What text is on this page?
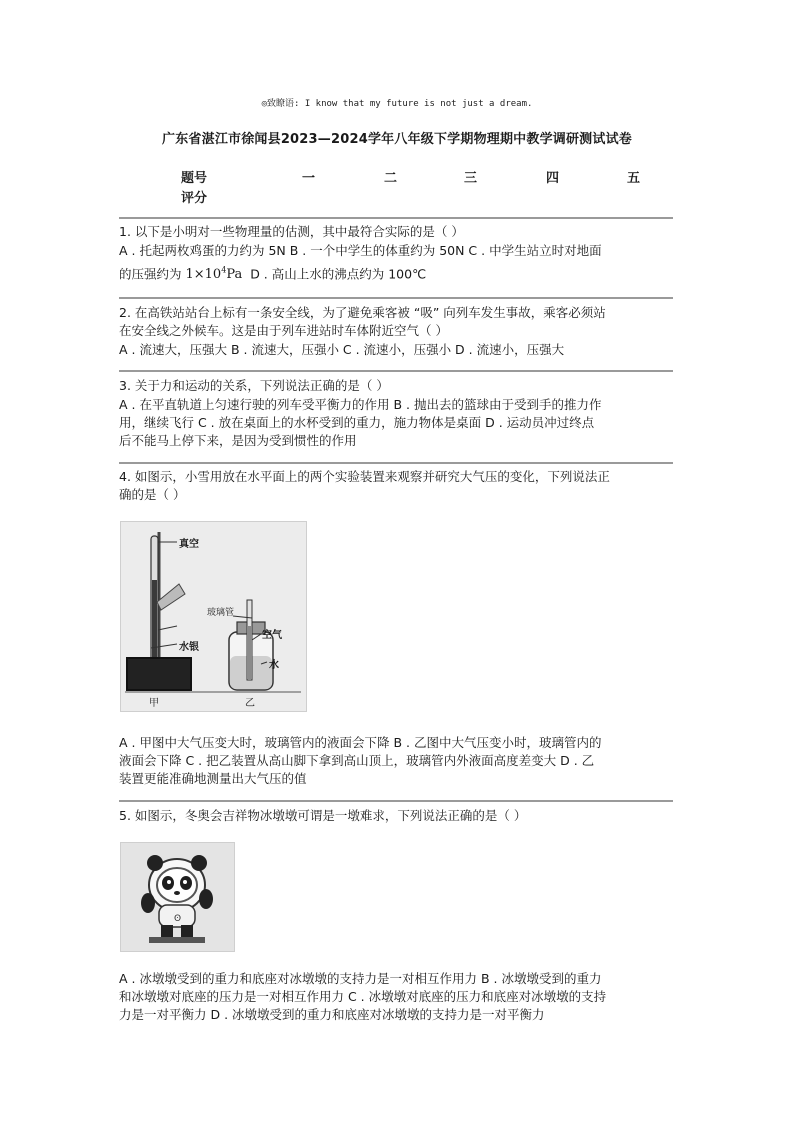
◎致瞭语: I know that my future is not just a dream.
广东省湛江市徐闻县2023—2024学年八年级下学期物理期中教学调研测试试卷
题号	一	二	三	四	五
评分

1. 以下是小明对一些物理量的估测，其中最符合实际的是（ ）

A . 托起两枚鸡蛋的力约为 5N B . 一个中学生的体重约为 50N C . 中学生站立时对地面

的压强约为 $1\times 10^4Pa$ D . 高山上水的沸点约为 100℃

2. 在高铁站站台上标有一条安全线，为了避免乘客被 “吸” 向列车发生事故，乘客必须站

在安全线之外候车。这是由于列车进站时车体附近空气（ ）

A . 流速大，压强大 B . 流速大，压强小 C . 流速小，压强小 D . 流速小，压强大

3. 关于力和运动的关系，下列说法正确的是（ ）

A . 在平直轨道上匀速行驶的列车受平衡力的作用 B . 抛出去的篮球由于受到手的推力作

用，继续飞行 C . 放在桌面上的水杯受到的重力，施力物体是桌面 D . 运动员冲过终点

后不能马上停下来，是因为受到惯性的作用

4. 如图示，小雪用放在水平面上的两个实验装置来观察并研究大气压的变化，下列说法正

确的是（ ）

真空
玻璃管
水银
空气
水
甲	乙

A . 甲图中大气压变大时，玻璃管内的液面会下降 B . 乙图中大气压变小时，玻璃管内的

液面会下降 C . 把乙装置从高山脚下拿到高山顶上，玻璃管内外液面高度差变大 D . 乙

装置更能准确地测量出大气压的值

5. 如图示，冬奥会吉祥物冰墩墩可谓是一墩难求，下列说法正确的是（ ）

ʘ

A . 冰墩墩受到的重力和底座对冰墩墩的支持力是一对相互作用力 B . 冰墩墩受到的重力

和冰墩墩对底座的压力是一对相互作用力 C . 冰墩墩对底座的压力和底座对冰墩墩的支持

力是一对平衡力 D . 冰墩墩受到的重力和底座对冰墩墩的支持力是一对平衡力
